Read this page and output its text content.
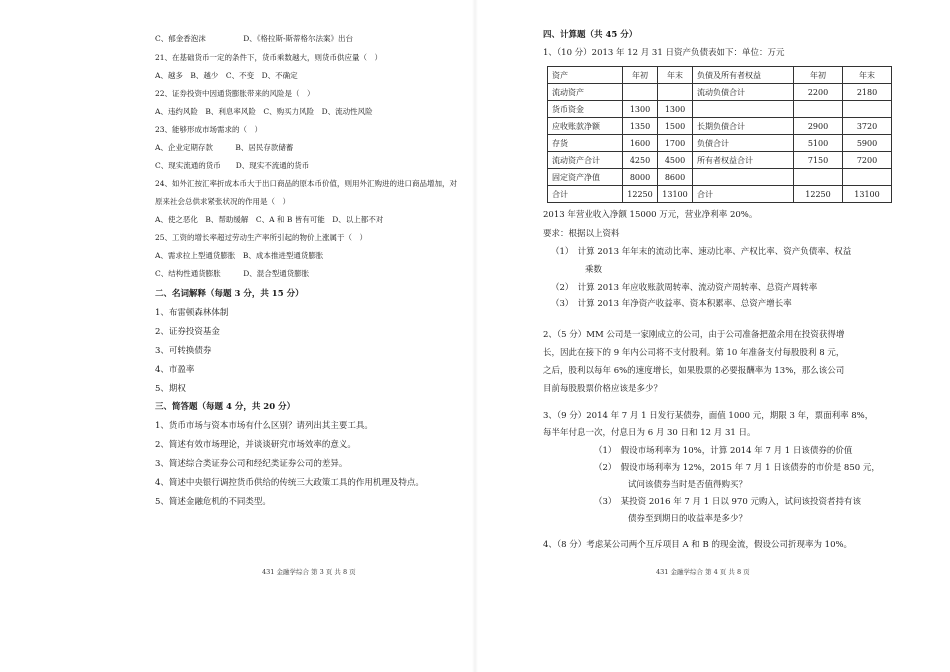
C、郁金香泡沫　　　　　D、《格拉斯-斯蒂格尔法案》出台
21、在基础货币一定的条件下，货币乘数越大，则货币供应量（　）
A、越多　B、越少　C、不变　D、不确定
22、证券投资中因通货膨胀带来的风险是（　）
A、违约风险　B、利息率风险　C、购买力风险　D、流动性风险
23、能够形成市场需求的（　）
A、企业定期存款　　　B、居民存款储蓄
C、现实流通的货币　　D、现实不流通的货币
24、如外汇按汇率折成本币大于出口商品的原本币价值，则用外汇购进的进口商品增加，对
原来社会总供求紧张状况的作用是（　）
A、使之恶化　B、帮助缓解　C、A 和 B 皆有可能　D、以上都不对
25、工资的增长率超过劳动生产率所引起的物价上涨属于（　）
A、需求拉上型通货膨胀　B、成本推进型通货膨胀
C、结构性通货膨胀　　　D、混合型通货膨胀
二、名词解释（每题 3 分，共 15 分）
1、布雷顿森林体制
2、证券投资基金
3、可转换债券
4、市盈率
5、期权
三、简答题（每题 4 分，共 20 分）
1、货币市场与资本市场有什么区别？请列出其主要工具。
2、简述有效市场理论，并谈谈研究市场效率的意义。
3、简述综合类证券公司和经纪类证券公司的差异。
4、简述中央银行调控货币供给的传统三大政策工具的作用机理及特点。
5、简述金融危机的不同类型。
431 金融学综合 第 3 页 共 8 页
四、计算题（共 45 分）
1、（10 分）2013 年 12 月 31 日资产负债表如下：单位：万元
资产	年初	年末	负债及所有者权益	年初	年末
流动资产			流动负债合计	2200	2180
货币资金	1300	1300			
应收账款净额	1350	1500	长期负债合计	2900	3720
存货	1600	1700	负债合计	5100	5900
流动资产合计	4250	4500	所有者权益合计	7150	7200
固定资产净值	8000	8600			
合计	12250	13100	合计	12250	13100
2013 年营业收入净额 15000 万元，营业净利率 20%。
要求：根据以上资料
（1）　计算 2013 年年末的流动比率、速动比率、产权比率、资产负债率、权益
　　　　乘数
（2）　计算 2013 年应收账款周转率、流动资产周转率、总资产周转率
（3）　计算 2013 年净资产收益率、资本积累率、总资产增长率
2、（5 分）MM 公司是一家刚成立的公司，由于公司准备把盈余用在投资获得增
长，因此在接下的 9 年内公司将不支付股利。第 10 年准备支付每股股利 8 元，
之后，股利以每年 6%的速度增长，如果股票的必要报酬率为 13%，那么该公司
目前每股股票价格应该是多少？
3、（9 分）2014 年 7 月 1 日发行某债券，面值 1000 元，期限 3 年，票面利率 8%，
每半年付息一次，付息日为 6 月 30 日和 12 月 31 日。
（1）　假设市场利率为 10%，计算 2014 年 7 月 1 日该债券的价值
（2）　假设市场利率为 12%，2015 年 7 月 1 日该债券的市价是 850 元，
　　　　试问该债券当时是否值得购买？
（3）　某投资 2016 年 7 月 1 日以 970 元购入，试问该投资者持有该
　　　　债券至到期日的收益率是多少？
4、（8 分）考虑某公司两个互斥项目 A 和 B 的现金流，假设公司折现率为 10%。
431 金融学综合 第 4 页 共 8 页
